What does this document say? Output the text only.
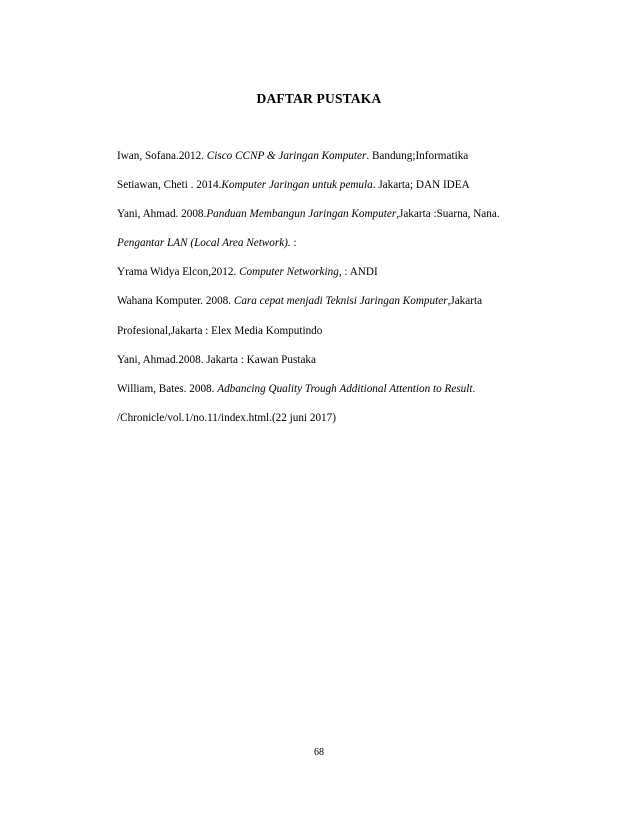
DAFTAR PUSTAKA
Iwan, Sofana.2012. Cisco CCNP & Jaringan Komputer. Bandung;Informatika
Setiawan, Cheti . 2014.Komputer Jaringan untuk pemula. Jakarta; DAN IDEA
Yani, Ahmad. 2008.Panduan Membangun Jaringan Komputer,Jakarta :Suarna, Nana.
Pengantar LAN (Local Area Network). :
Yrama Widya Elcon,2012. Computer Networking, : ANDI
Wahana Komputer. 2008. Cara cepat menjadi Teknisi Jaringan Komputer,Jakarta
Profesional,Jakarta : Elex Media Komputindo
Yani, Ahmad.2008. Jakarta : Kawan Pustaka
William, Bates. 2008. Adbancing Quality Trough Additional Attention to Result.
/Chronicle/vol.1/no.11/index.html.(22 juni 2017)
68
